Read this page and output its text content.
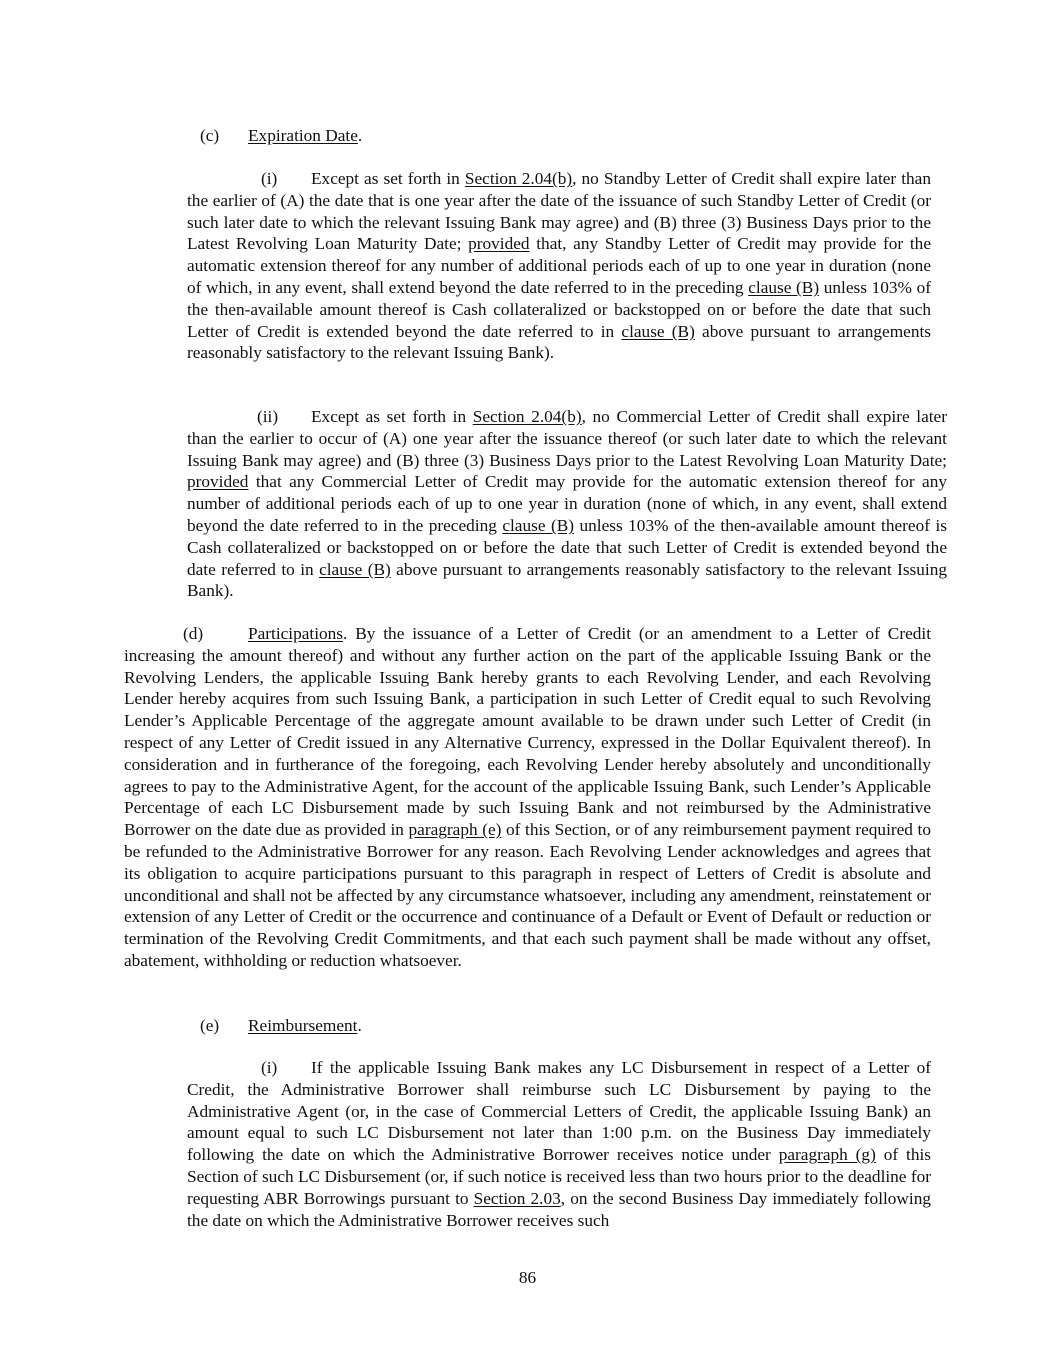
(c) Expiration Date.

(i) Except as set forth in Section 2.04(b), no Standby Letter of Credit shall expire later than the earlier of (A) the date that is one year after the date of the issuance of such Standby Letter of Credit (or such later date to which the relevant Issuing Bank may agree) and (B) three (3) Business Days prior to the Latest Revolving Loan Maturity Date; provided that, any Standby Letter of Credit may provide for the automatic extension thereof for any number of additional periods each of up to one year in duration (none of which, in any event, shall extend beyond the date referred to in the preceding clause (B) unless 103% of the then-available amount thereof is Cash collateralized or backstopped on or before the date that such Letter of Credit is extended beyond the date referred to in clause (B) above pursuant to arrangements reasonably satisfactory to the relevant Issuing Bank).

(ii) Except as set forth in Section 2.04(b), no Commercial Letter of Credit shall expire later than the earlier to occur of (A) one year after the issuance thereof (or such later date to which the relevant Issuing Bank may agree) and (B) three (3) Business Days prior to the Latest Revolving Loan Maturity Date; provided that any Commercial Letter of Credit may provide for the automatic extension thereof for any number of additional periods each of up to one year in duration (none of which, in any event, shall extend beyond the date referred to in the preceding clause (B) unless 103% of the then-available amount thereof is Cash collateralized or backstopped on or before the date that such Letter of Credit is extended beyond the date referred to in clause (B) above pursuant to arrangements reasonably satisfactory to the relevant Issuing Bank).

(d)	Participations. By the issuance of a Letter of Credit (or an amendment to a Letter of Credit increasing the amount thereof) and without any further action on the part of the applicable Issuing Bank or the Revolving Lenders, the applicable Issuing Bank hereby grants to each Revolving Lender, and each Revolving Lender hereby acquires from such Issuing Bank, a participation in such Letter of Credit equal to such Revolving Lender’s Applicable Percentage of the aggregate amount available to be drawn under such Letter of Credit (in respect of any Letter of Credit issued in any Alternative Currency, expressed in the Dollar Equivalent thereof). In consideration and in furtherance of the foregoing, each Revolving Lender hereby absolutely and unconditionally agrees to pay to the Administrative Agent, for the account of the applicable Issuing Bank, such Lender’s Applicable Percentage of each LC Disbursement made by such Issuing Bank and not reimbursed by the Administrative Borrower on the date due as provided in paragraph (e) of this Section, or of any reimbursement payment required to be refunded to the Administrative Borrower for any reason. Each Revolving Lender acknowledges and agrees that its obligation to acquire participations pursuant to this paragraph in respect of Letters of Credit is absolute and unconditional and shall not be affected by any circumstance whatsoever, including any amendment, reinstatement or extension of any Letter of Credit or the occurrence and continuance of a Default or Event of Default or reduction or termination of the Revolving Credit Commitments, and that each such payment shall be made without any offset, abatement, withholding or reduction whatsoever.

(e) Reimbursement.

(i) If the applicable Issuing Bank makes any LC Disbursement in respect of a Letter of Credit, the Administrative Borrower shall reimburse such LC Disbursement by paying to the Administrative Agent (or, in the case of Commercial Letters of Credit, the applicable Issuing Bank) an amount equal to such LC Disbursement not later than 1:00 p.m. on the Business Day immediately following the date on which the Administrative Borrower receives notice under paragraph (g) of this Section of such LC Disbursement (or, if such notice is received less than two hours prior to the deadline for requesting ABR Borrowings pursuant to Section 2.03, on the second Business Day immediately following the date on which the Administrative Borrower receives such

86
